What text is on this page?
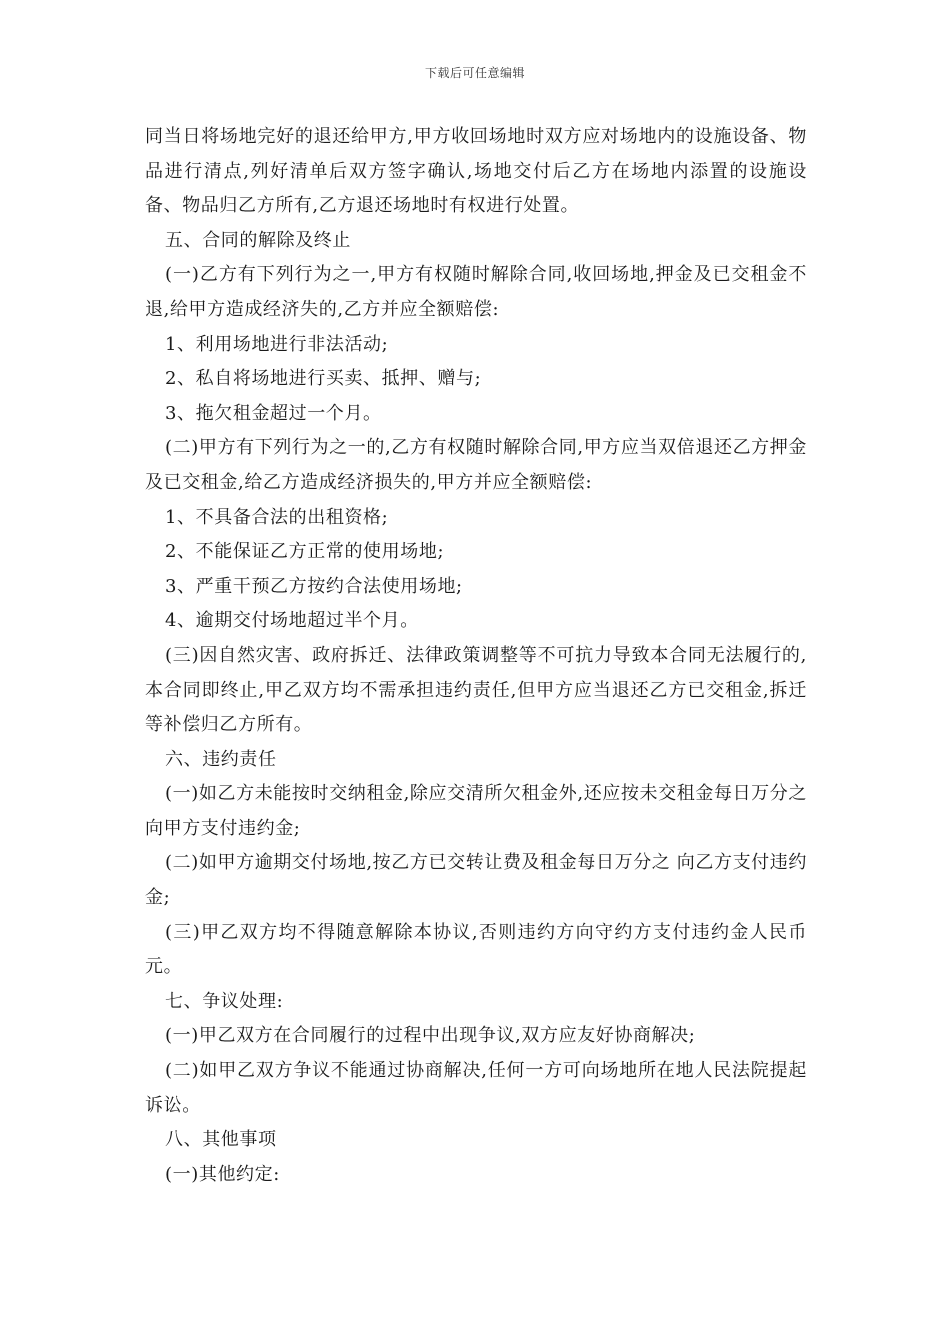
下载后可任意编辑

同当日将场地完好的退还给甲方,甲方收回场地时双方应对场地内的设施设备、物品进行清点,列好清单后双方签字确认,场地交付后乙方在场地内添置的设施设备、物品归乙方所有,乙方退还场地时有权进行处置。

五、合同的解除及终止

(一)乙方有下列行为之一,甲方有权随时解除合同,收回场地,押金及已交租金不退,给甲方造成经济失的,乙方并应全额赔偿:

1、利用场地进行非法活动;

2、私自将场地进行买卖、抵押、赠与;

3、拖欠租金超过一个月。

(二)甲方有下列行为之一的,乙方有权随时解除合同,甲方应当双倍退还乙方押金及已交租金,给乙方造成经济损失的,甲方并应全额赔偿:

1、不具备合法的出租资格;

2、不能保证乙方正常的使用场地;

3、严重干预乙方按约合法使用场地;

4、逾期交付场地超过半个月。

(三)因自然灾害、政府拆迁、法律政策调整等不可抗力导致本合同无法履行的,本合同即终止,甲乙双方均不需承担违约责任,但甲方应当退还乙方已交租金,拆迁等补偿归乙方所有。

六、违约责任

(一)如乙方未能按时交纳租金,除应交清所欠租金外,还应按未交租金每日万分之 向甲方支付违约金;

(二)如甲方逾期交付场地,按乙方已交转让费及租金每日万分之 向乙方支付违约金;

(三)甲乙双方均不得随意解除本协议,否则违约方向守约方支付违约金人民币元。

七、争议处理:

(一)甲乙双方在合同履行的过程中出现争议,双方应友好协商解决;

(二)如甲乙双方争议不能通过协商解决,任何一方可向场地所在地人民法院提起诉讼。

八、其他事项

(一)其他约定:
